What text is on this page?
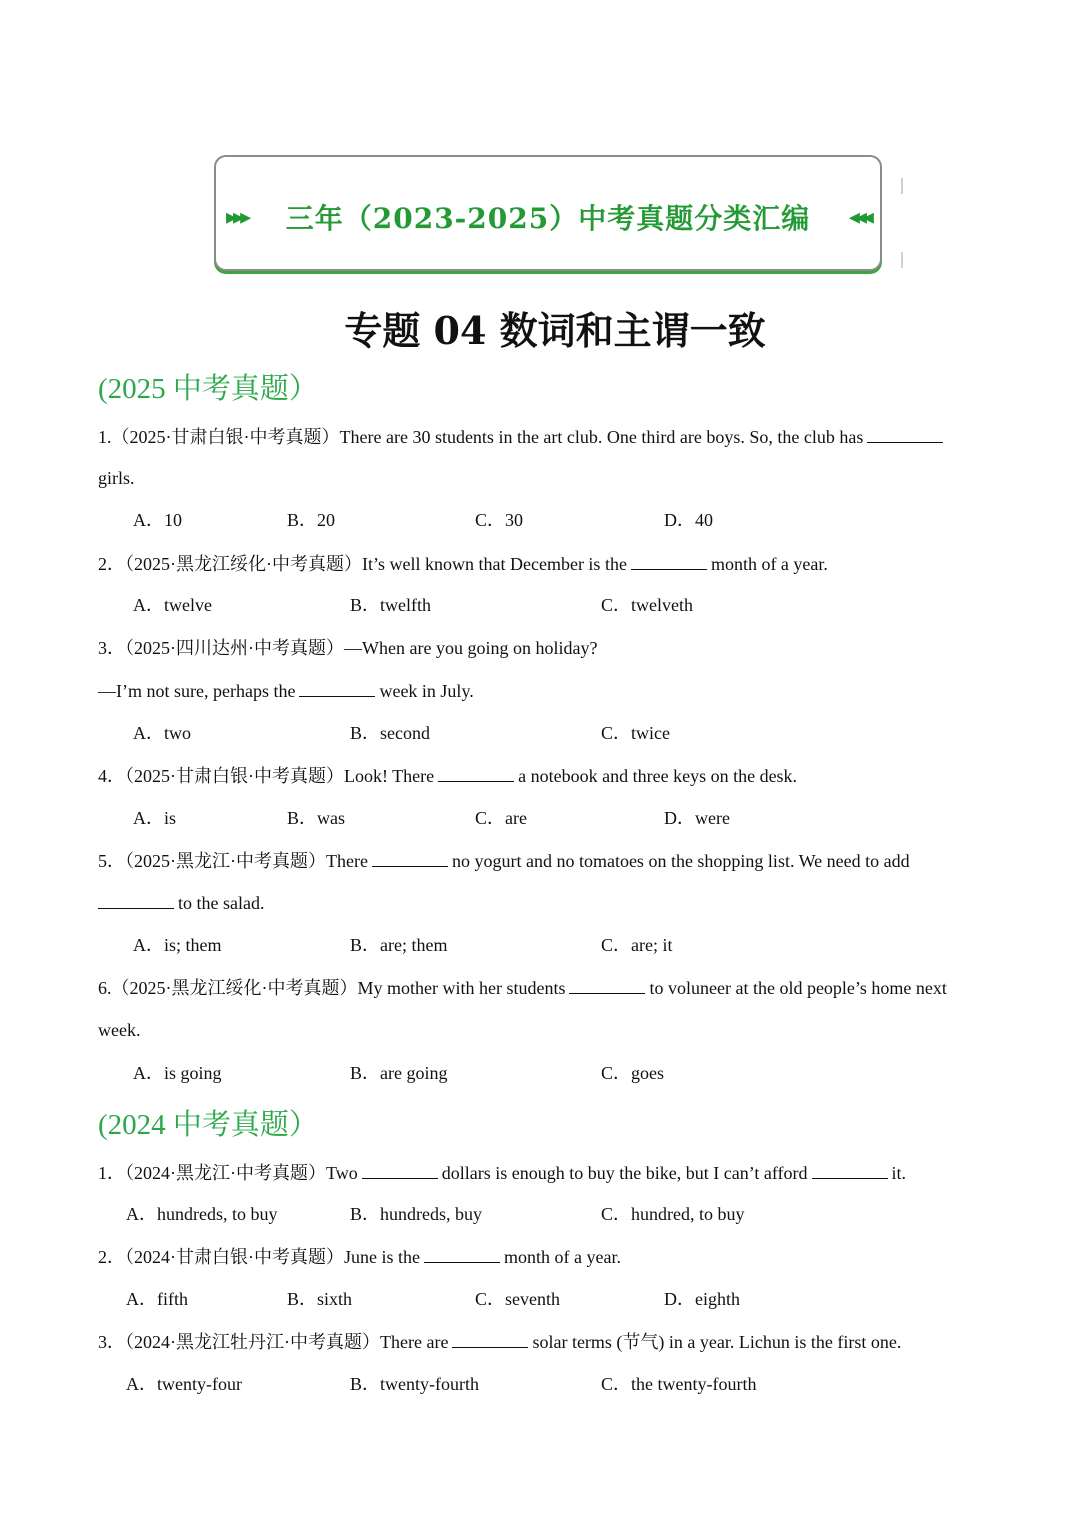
▸▸▸ 三年（2023-2025）中考真题分类汇编 ◂◂◂
专题 04 数词和主谓一致
(2025 中考真题）
1.（2025·甘肃白银·中考真题）There are 30 students in the art club. One third are boys. So, the club has
girls.
A．10	B．20	C．30	D．40
2．（2025·黑龙江绥化·中考真题）It’s well known that December is the	month of a year.
A．twelve	B．twelfth	C．twelveth
3．（2025·四川达州·中考真题）—When are you going on holiday?
—I’m not sure, perhaps the	week in July.
A．two	B．second	C．twice
4．（2025·甘肃白银·中考真题）Look! There	a notebook and three keys on the desk.
A．is	B．was	C．are	D．were
5．（2025·黑龙江·中考真题）There	no yogurt and no tomatoes on the shopping list. We need to add
to the salad.
A．is; them	B．are; them	C．are; it
6.（2025·黑龙江绥化·中考真题）My mother with her students	to voluneer at the old people’s home next
week.
A．is going	B．are going	C．goes
(2024 中考真题）
1．（2024·黑龙江·中考真题）Two	dollars is enough to buy the bike, but I can’t afford	it.
A．hundreds, to buy	B．hundreds, buy	C．hundred, to buy
2．（2024·甘肃白银·中考真题）June is the	month of a year.
A．fifth	B．sixth	C．seventh	D．eighth
3．（2024·黑龙江牡丹江·中考真题）There are	solar terms (节气) in a year. Lichun is the first one.
A．twenty-four	B．twenty-fourth	C．the twenty-fourth
